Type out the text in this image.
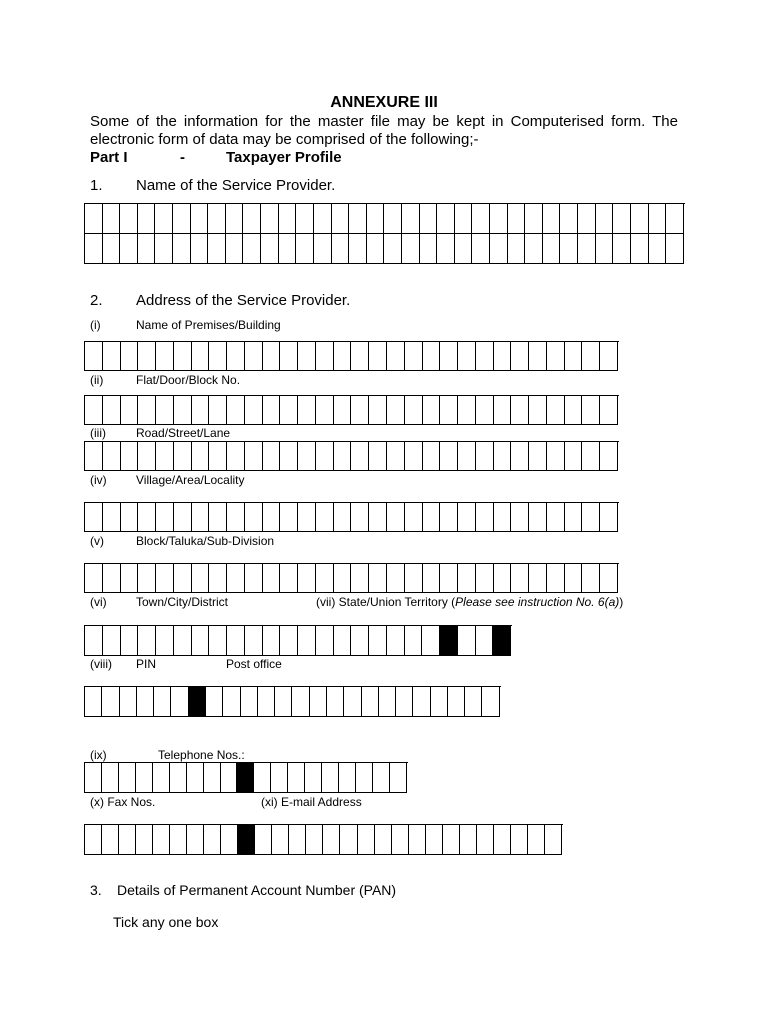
ANNEXURE III
Some of the information for the master file may be kept in Computerised form. The
electronic form of data may be comprised of the following;-
Part I	-	Taxpayer Profile
1. Name of the Service Provider.
2. Address of the Service Provider.
(i)	Name of Premises/Building
(ii)	Flat/Door/Block No.
(iii)	Road/Street/Lane
(iv) Village/Area/Locality
(v)	Block/Taluka/Sub-Division
(vi) Town/City/District	(vii) State/Union Territory (Please see instruction No. 6(a))
(viii) PIN	Post office
(ix)	Telephone Nos.:
(x) Fax Nos.	(xi) E-mail Address
3. Details of Permanent Account Number (PAN)
Tick any one box
